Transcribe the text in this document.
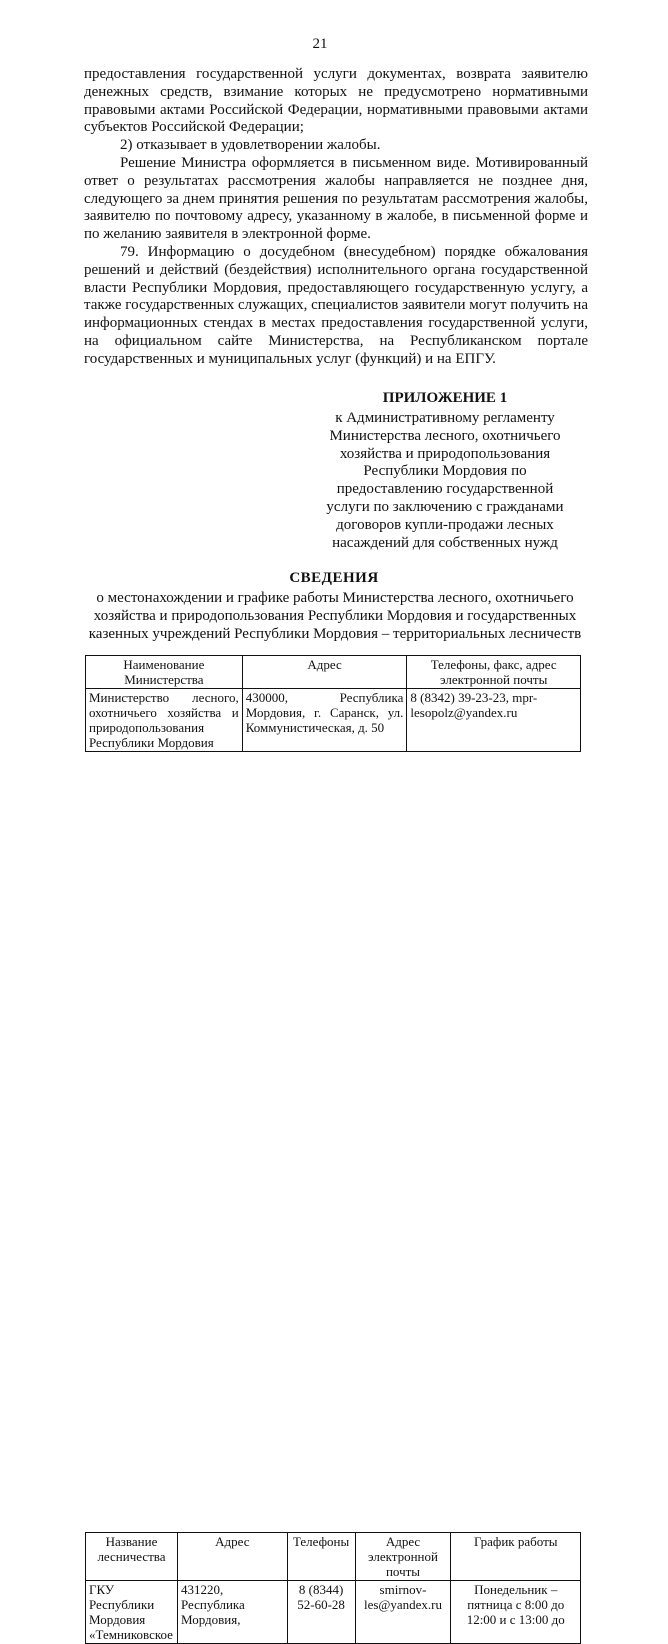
21

предоставления государственной услуги документах, возврата заявителю денежных средств, взимание которых не предусмотрено нормативными правовыми актами Российской Федерации, нормативными правовыми актами субъектов Российской Федерации;

2) отказывает в удовлетворении жалобы.

Решение Министра оформляется в письменном виде. Мотивированный ответ о результатах рассмотрения жалобы направляется не позднее дня, следующего за днем принятия решения по результатам рассмотрения жалобы, заявителю по почтовому адресу, указанному в жалобе, в письменной форме и по желанию заявителя в электронной форме.

79. Информацию о досудебном (внесудебном) порядке обжалования решений и действий (бездействия) исполнительного органа государственной власти Республики Мордовия, предоставляющего государственную услугу, а также государственных служащих, специалистов заявители могут получить на информационных стендах в местах предоставления государственной услуги, на официальном сайте Министерства, на Республиканском портале государственных и муниципальных услуг (функций) и на ЕПГУ.

ПРИЛОЖЕНИЕ 1
к Административному регламенту
Министерства лесного, охотничьего
хозяйства и природопользования
Республики Мордовия по
предоставлению государственной
услуги по заключению с гражданами
договоров купли-продажи лесных
насаждений для собственных нужд
СВЕДЕНИЯ
о местонахождении и графике работы Министерства лесного, охотничьего хозяйства и природопользования Республики Мордовия и государственных казенных учреждений Республики Мордовия – территориальных лесничеств
Наименование Министерства	Адрес	Телефоны, факс, адрес электронной почты
Министерство лесного, охотничьего хозяйства и природопользования Республики Мордовия	430000, Республика Мордовия, г. Саранск, ул. Коммунистическая, д. 50	8 (8342) 39-23-23, mpr-lesopolz@yandex.ru
Название лесничества	Адрес	Телефоны	Адрес электронной почты	График работы
ГКУ Республики Мордовия «Темниковское	431220, Республика Мордовия,	8 (8344) 52-60-28	smirnov-les@yandex.ru	Понедельник – пятница с 8:00 до 12:00 и с 13:00 до
